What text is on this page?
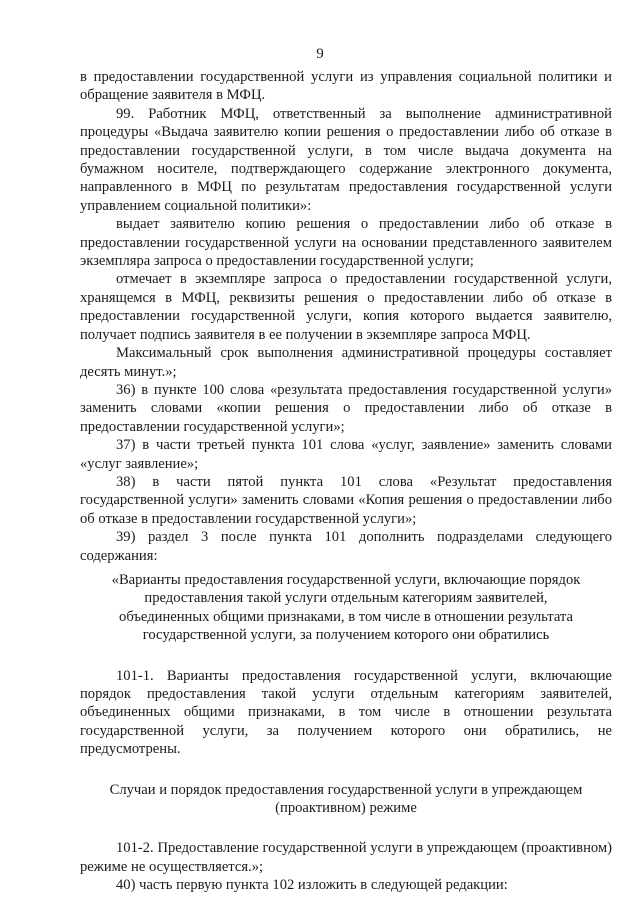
9

в предоставлении государственной услуги из управления социальной политики и обращение заявителя в МФЦ.

99. Работник МФЦ, ответственный за выполнение административной процедуры «Выдача заявителю копии решения о предоставлении либо об отказе в предоставлении государственной услуги, в том числе выдача документа на бумажном носителе, подтверждающего содержание электронного документа, направленного в МФЦ по результатам предоставления государственной услуги управлением социальной политики»:

выдает заявителю копию решения о предоставлении либо об отказе в предоставлении государственной услуги на основании представленного заявителем экземпляра запроса о предоставлении государственной услуги;

отмечает в экземпляре запроса о предоставлении государственной услуги, хранящемся в МФЦ, реквизиты решения о предоставлении либо об отказе в предоставлении государственной услуги, копия которого выдается заявителю, получает подпись заявителя в ее получении в экземпляре запроса МФЦ.

Максимальный срок выполнения административной процедуры составляет десять минут.»;

36) в пункте 100 слова «результата предоставления государственной услуги» заменить словами «копии решения о предоставлении либо об отказе в предоставлении государственной услуги»;

37) в части третьей пункта 101 слова «услуг, заявление» заменить словами «услуг заявление»;

38) в части пятой пункта 101 слова «Результат предоставления государственной услуги» заменить словами «Копия решения о предоставлении либо об отказе в предоставлении государственной услуги»;

39) раздел 3 после пункта 101 дополнить подразделами следующего содержания:

«Варианты предоставления государственной услуги, включающие порядок предоставления такой услуги отдельным категориям заявителей, объединенных общими признаками, в том числе в отношении результата государственной услуги, за получением которого они обратились

101-1. Варианты предоставления государственной услуги, включающие порядок предоставления такой услуги отдельным категориям заявителей, объединенных общими признаками, в том числе в отношении результата государственной услуги, за получением которого они обратились, не предусмотрены.

Случаи и порядок предоставления государственной услуги в упреждающем (проактивном) режиме

101-2. Предоставление государственной услуги в упреждающем (проактивном) режиме не осуществляется.»;

40) часть первую пункта 102 изложить в следующей редакции:
